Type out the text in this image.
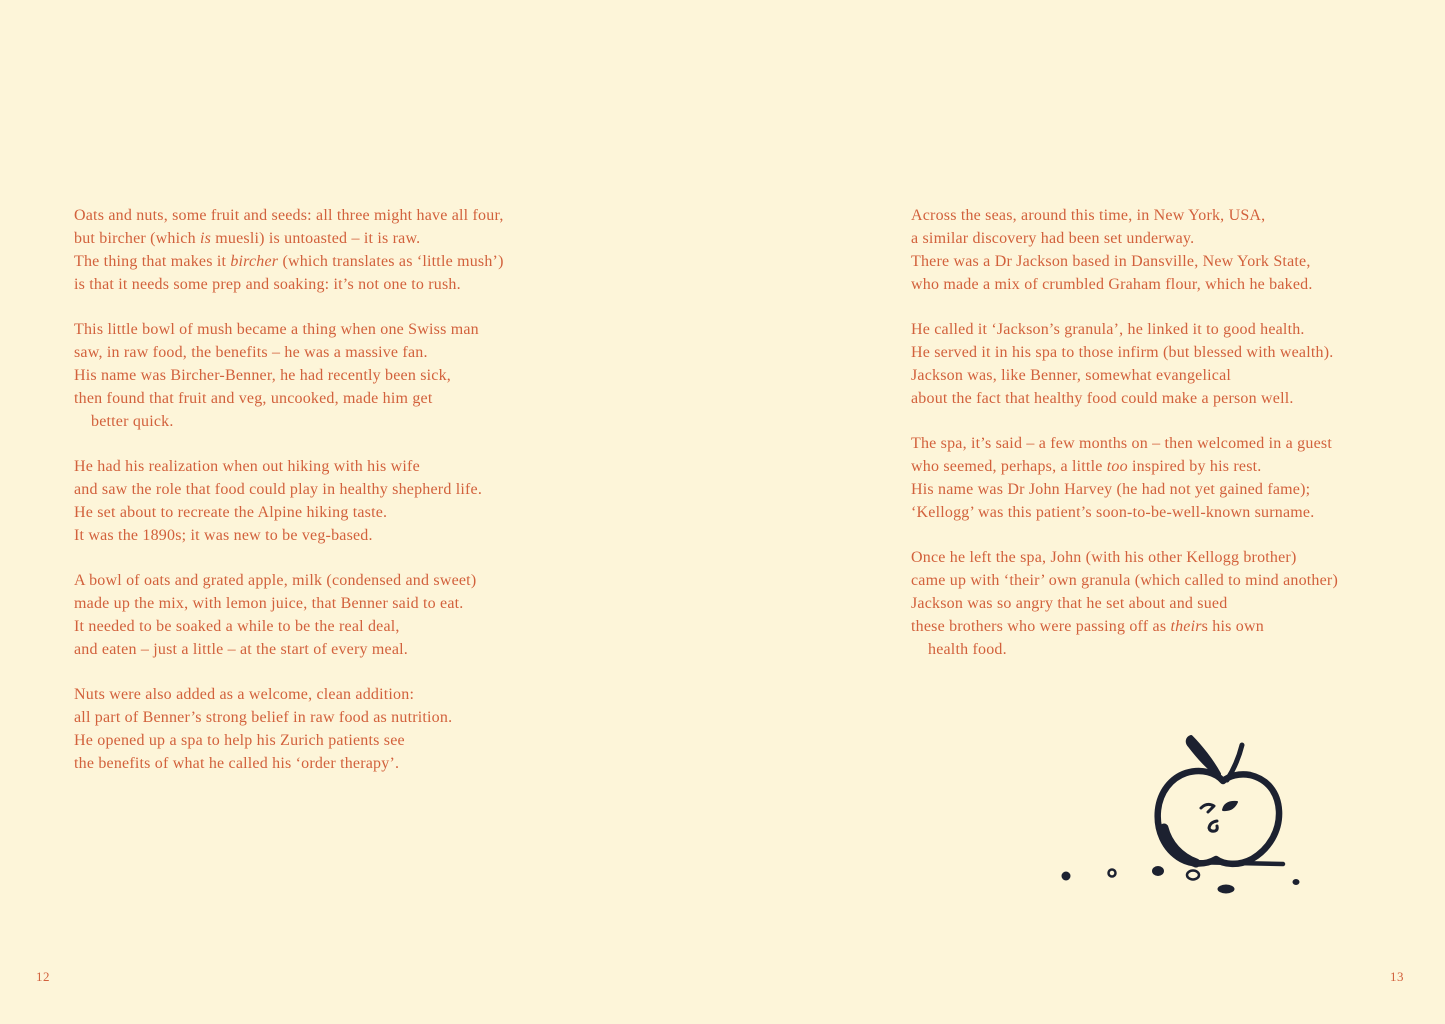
Oats and nuts, some fruit and seeds: all three might have all four,
but bircher (which is muesli) is untoasted – it is raw.
The thing that makes it bircher (which translates as ‘little mush’)
is that it needs some prep and soaking: it’s not one to rush.
This little bowl of mush became a thing when one Swiss man
saw, in raw food, the benefits – he was a massive fan.
His name was Bircher-Benner, he had recently been sick,
then found that fruit and veg, uncooked, made him get
better quick.
He had his realization when out hiking with his wife
and saw the role that food could play in healthy shepherd life.
He set about to recreate the Alpine hiking taste.
It was the 1890s; it was new to be veg-based.
A bowl of oats and grated apple, milk (condensed and sweet)
made up the mix, with lemon juice, that Benner said to eat.
It needed to be soaked a while to be the real deal,
and eaten – just a little – at the start of every meal.
Nuts were also added as a welcome, clean addition:
all part of Benner’s strong belief in raw food as nutrition.
He opened up a spa to help his Zurich patients see
the benefits of what he called his ‘order therapy’.
Across the seas, around this time, in New York, USA,
a similar discovery had been set underway.
There was a Dr Jackson based in Dansville, New York State,
who made a mix of crumbled Graham flour, which he baked.
He called it ‘Jackson’s granula’, he linked it to good health.
He served it in his spa to those infirm (but blessed with wealth).
Jackson was, like Benner, somewhat evangelical
about the fact that healthy food could make a person well.
The spa, it’s said – a few months on – then welcomed in a guest
who seemed, perhaps, a little too inspired by his rest.
His name was Dr John Harvey (he had not yet gained fame);
‘Kellogg’ was this patient’s soon-to-be-well-known surname.
Once he left the spa, John (with his other Kellogg brother)
came up with ‘their’ own granula (which called to mind another)
Jackson was so angry that he set about and sued
these brothers who were passing off as theirs his own
health food.
12	13
